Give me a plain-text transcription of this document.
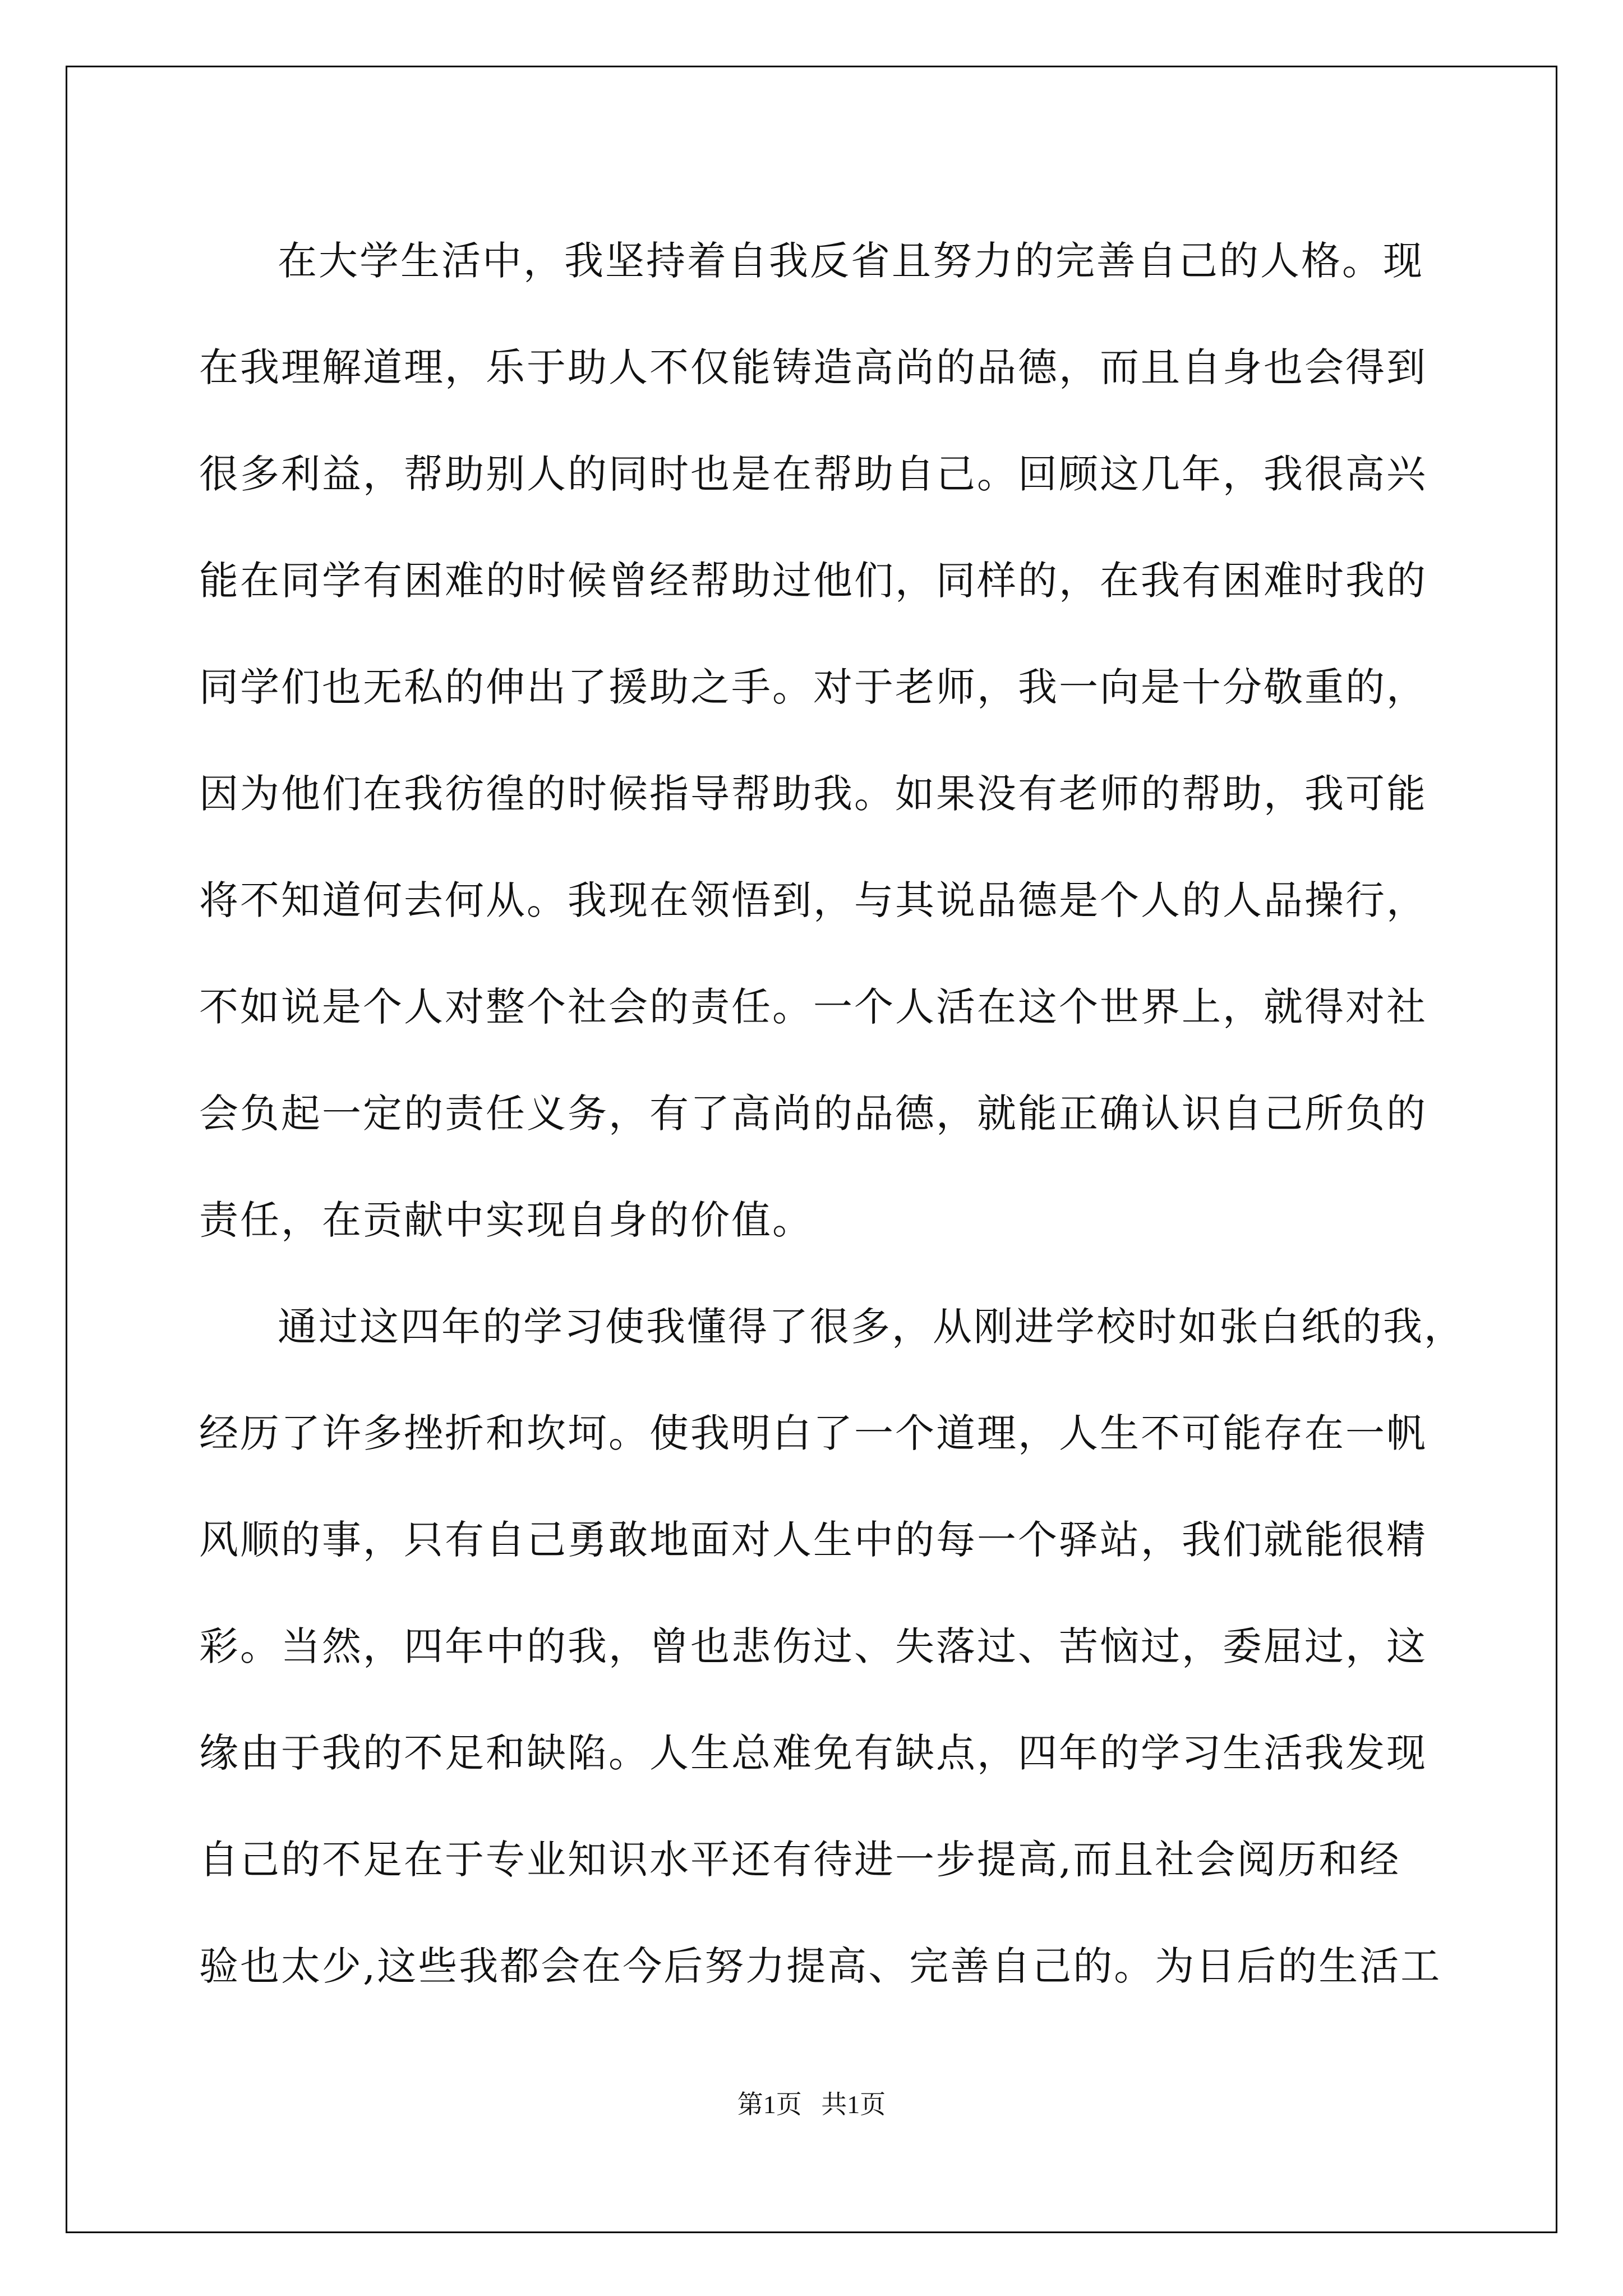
在大学生活中，我坚持着自我反省且努力的完善自己的人格。现
在我理解道理，乐于助人不仅能铸造高尚的品德，而且自身也会得到
很多利益，帮助别人的同时也是在帮助自己。回顾这几年，我很高兴
能在同学有困难的时候曾经帮助过他们，同样的，在我有困难时我的
同学们也无私的伸出了援助之手。对于老师，我一向是十分敬重的，
因为他们在我彷徨的时候指导帮助我。如果没有老师的帮助，我可能
将不知道何去何从。我现在领悟到，与其说品德是个人的人品操行，
不如说是个人对整个社会的责任。一个人活在这个世界上，就得对社
会负起一定的责任义务，有了高尚的品德，就能正确认识自己所负的
责任，在贡献中实现自身的价值。
通过这四年的学习使我懂得了很多，从刚进学校时如张白纸的我，
经历了许多挫折和坎坷。使我明白了一个道理，人生不可能存在一帆
风顺的事，只有自己勇敢地面对人生中的每一个驿站，我们就能很精
彩。当然，四年中的我，曾也悲伤过、失落过、苦恼过，委屈过，这
缘由于我的不足和缺陷。人生总难免有缺点，四年的学习生活我发现
自己的不足在于专业知识水平还有待进一步提高,而且社会阅历和经
验也太少,这些我都会在今后努力提高、完善自己的。为日后的生活工
第1页 共1页
